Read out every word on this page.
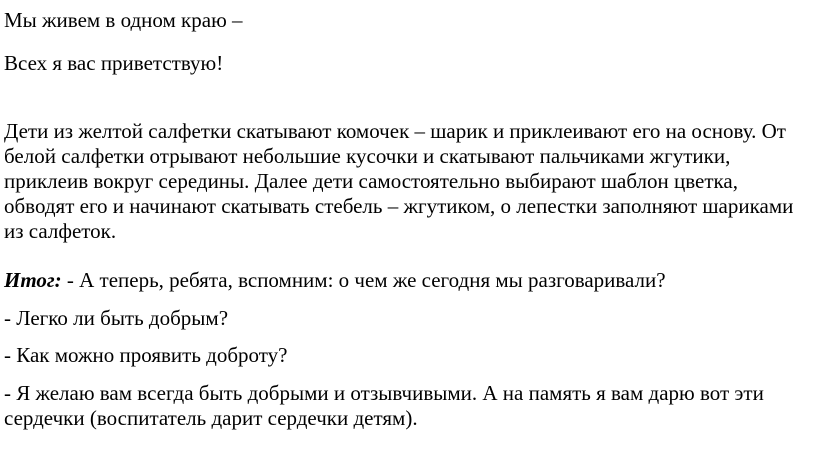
Мы живем в одном краю –

Всех я вас приветствую!

Дети из желтой салфетки скатывают комочек – шарик и приклеивают его на основу. От белой салфетки отрывают небольшие кусочки и скатывают пальчиками жгутики, приклеив вокруг середины. Далее дети самостоятельно выбирают шаблон цветка, обводят его и начинают скатывать стебель – жгутиком, о лепестки заполняют шариками из салфеток.

Итог: - А теперь, ребята, вспомним: о чем же сегодня мы разговаривали?

- Легко ли быть добрым?

- Как можно проявить доброту?

- Я желаю вам всегда быть добрыми и отзывчивыми. А на память я вам дарю вот эти сердечки (воспитатель дарит сердечки детям).
